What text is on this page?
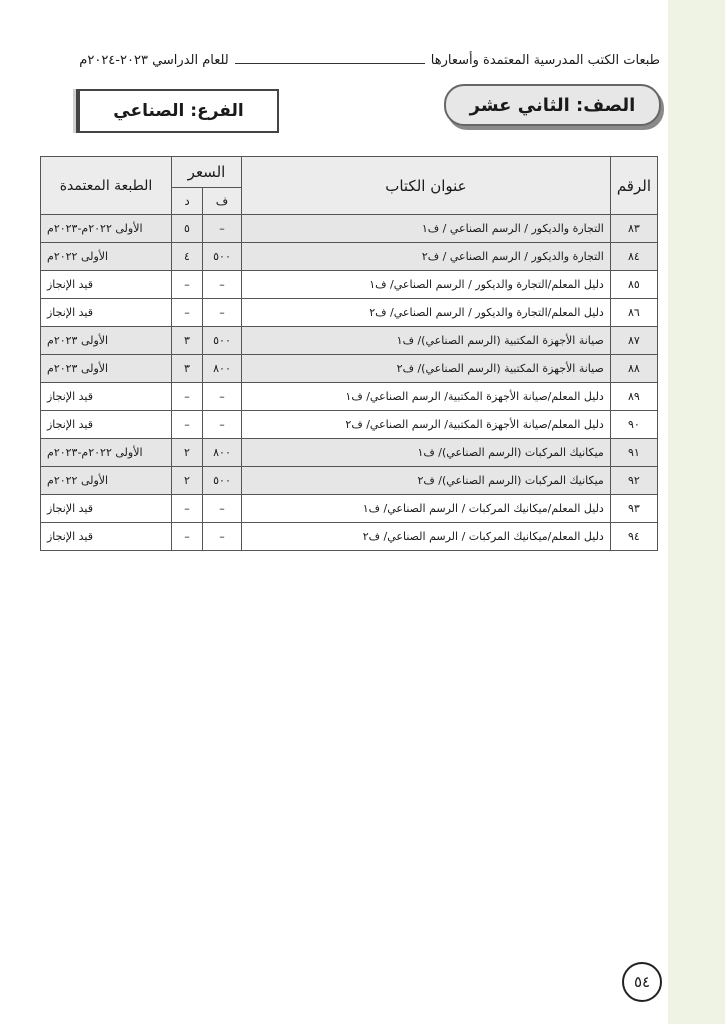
طبعات الكتب المدرسية المعتمدة وأسعارها
للعام الدراسي ٢٠٢٣-٢٠٢٤م
الصف: الثاني عشر
الفرع: الصناعي
الرقم	عنوان الكتاب	السعر		الطبعة المعتمدة
		ف	د	
٨٣	التجارة والديكور / الرسم الصناعي / ف١	–	٥	الأولى ٢٠٢٢م-٢٠٢٣م
٨٤	التجارة والديكور / الرسم الصناعي / ف٢	٥٠٠	٤	الأولى ٢٠٢٢م
٨٥	دليل المعلم/التجارة والديكور / الرسم الصناعي/ ف١	–	–	قيد الإنجاز
٨٦	دليل المعلم/التجارة والديكور / الرسم الصناعي/ ف٢	–	–	قيد الإنجاز
٨٧	صيانة الأجهزة المكتبية (الرسم الصناعي)/ ف١	٥٠٠	٣	الأولى ٢٠٢٣م
٨٨	صيانة الأجهزة المكتبية (الرسم الصناعي)/ ف٢	٨٠٠	٣	الأولى ٢٠٢٣م
٨٩	دليل المعلم/صيانة الأجهزة المكتبية/ الرسم الصناعي/ ف١	–	–	قيد الإنجاز
٩٠	دليل المعلم/صيانة الأجهزة المكتبية/ الرسم الصناعي/ ف٢	–	–	قيد الإنجاز
٩١	ميكانيك المركبات (الرسم الصناعي)/ ف١	٨٠٠	٢	الأولى ٢٠٢٢م-٢٠٢٣م
٩٢	ميكانيك المركبات (الرسم الصناعي)/ ف٢	٥٠٠	٢	الأولى ٢٠٢٢م
٩٣	دليل المعلم/ميكانيك المركبات / الرسم الصناعي/ ف١	–	–	قيد الإنجاز
٩٤	دليل المعلم/ميكانيك المركبات / الرسم الصناعي/ ف٢	–	–	قيد الإنجاز
٥٤
